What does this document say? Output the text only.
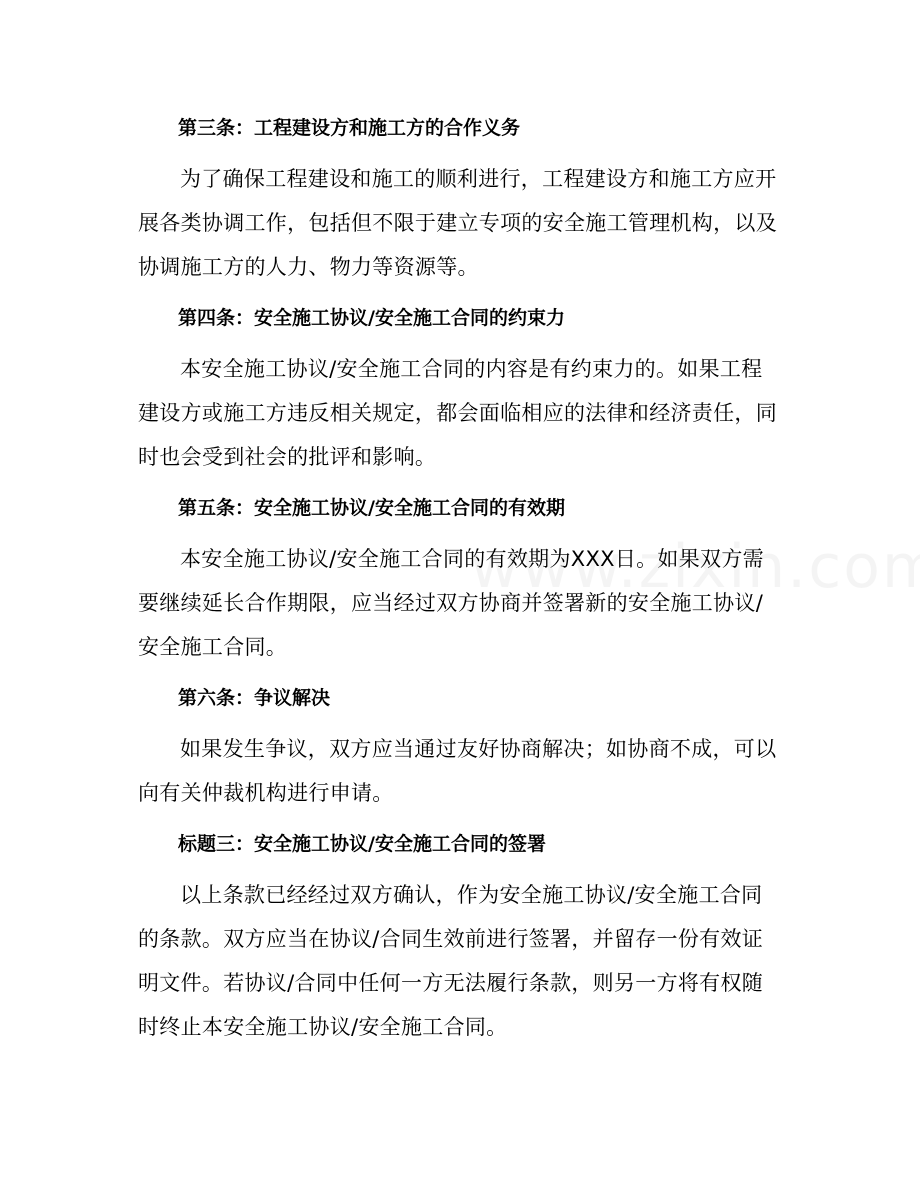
第三条：工程建设方和施工方的合作义务
为了确保工程建设和施工的顺利进行，工程建设方和施工方应开展各类协调工作，包括但不限于建立专项的安全施工管理机构，以及协调施工方的人力、物力等资源等。
第四条：安全施工协议/安全施工合同的约束力
本安全施工协议/安全施工合同的内容是有约束力的。如果工程建设方或施工方违反相关规定，都会面临相应的法律和经济责任，同时也会受到社会的批评和影响。
第五条：安全施工协议/安全施工合同的有效期
本安全施工协议/安全施工合同的有效期为XXX日。如果双方需要继续延长合作期限，应当经过双方协商并签署新的安全施工协议/安全施工合同。
第六条：争议解决
如果发生争议，双方应当通过友好协商解决；如协商不成，可以向有关仲裁机构进行申请。
标题三：安全施工协议/安全施工合同的签署
以上条款已经经过双方确认，作为安全施工协议/安全施工合同的条款。双方应当在协议/合同生效前进行签署，并留存一份有效证明文件。若协议/合同中任何一方无法履行条款，则另一方将有权随时终止本安全施工协议/安全施工合同。
